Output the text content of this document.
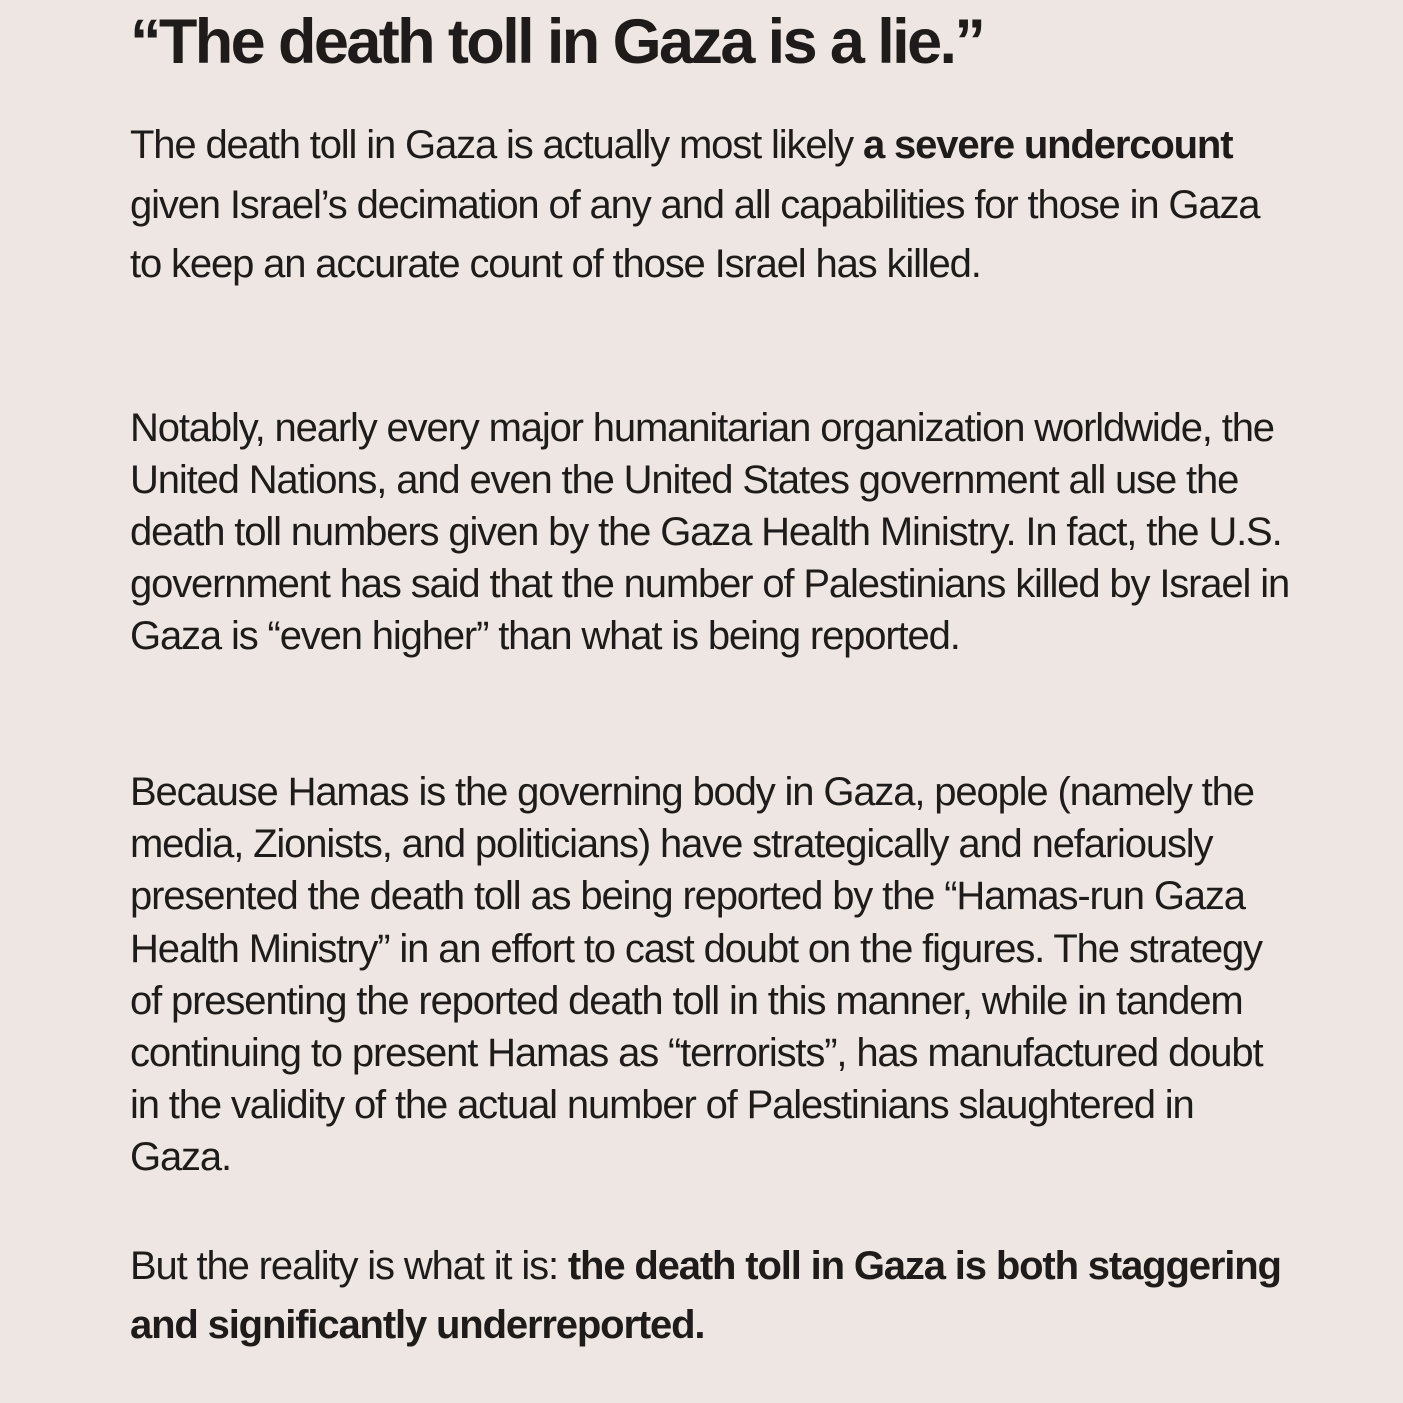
“The death toll in Gaza is a lie.”

The death toll in Gaza is actually most likely a severe undercount given Israel’s decimation of any and all capabilities for those in Gaza to keep an accurate count of those Israel has killed.

Notably, nearly every major humanitarian organization worldwide, the United Nations, and even the United States government all use the death toll numbers given by the Gaza Health Ministry. In fact, the U.S. government has said that the number of Palestinians killed by Israel in Gaza is “even higher” than what is being reported.

Because Hamas is the governing body in Gaza, people (namely the media, Zionists, and politicians) have strategically and nefariously presented the death toll as being reported by the “Hamas-run Gaza Health Ministry” in an effort to cast doubt on the figures. The strategy of presenting the reported death toll in this manner, while in tandem continuing to present Hamas as “terrorists”, has manufactured doubt in the validity of the actual number of Palestinians slaughtered in Gaza.

But the reality is what it is: the death toll in Gaza is both staggering and significantly underreported.
